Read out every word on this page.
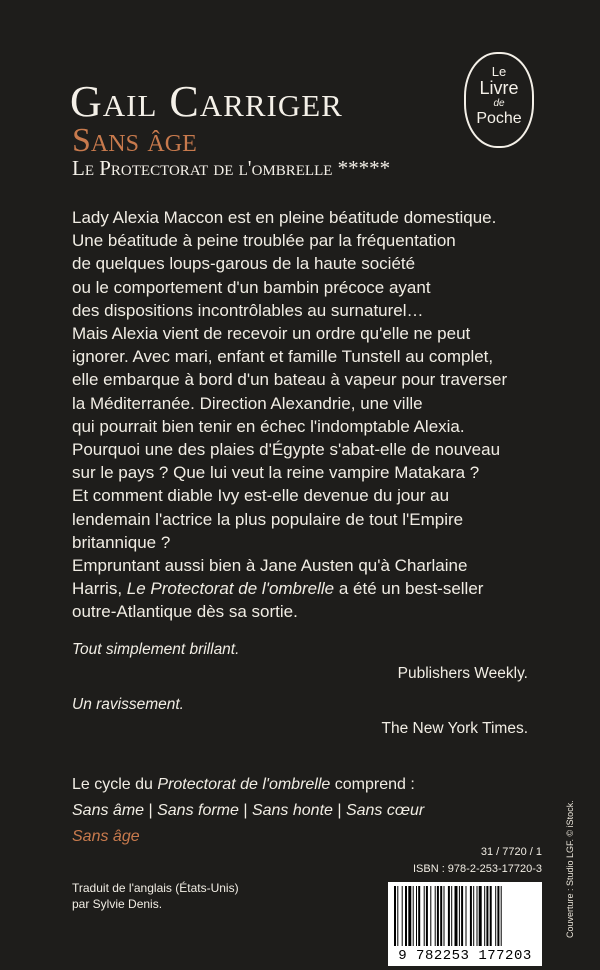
Gail Carriger
Sans âge
Le Protectorat de l'ombrelle *****
Le
Livre
de
Poche

Lady Alexia Maccon est en pleine béatitude domestique.
Une béatitude à peine troublée par la fréquentation
de quelques loups-garous de la haute société
ou le comportement d'un bambin précoce ayant
des dispositions incontrôlables au surnaturel…

Mais Alexia vient de recevoir un ordre qu'elle ne peut
ignorer. Avec mari, enfant et famille Tunstell au complet,
elle embarque à bord d'un bateau à vapeur pour traverser
la Méditerranée. Direction Alexandrie, une ville
qui pourrait bien tenir en échec l'indomptable Alexia.
Pourquoi une des plaies d'Égypte s'abat-elle de nouveau
sur le pays ? Que lui veut la reine vampire Matakara ?
Et comment diable Ivy est-elle devenue du jour au
lendemain l'actrice la plus populaire de tout l'Empire
britannique ?

Empruntant aussi bien à Jane Austen qu'à Charlaine
Harris, Le Protectorat de l'ombrelle a été un best-seller
outre-Atlantique dès sa sortie.

Tout simplement brillant.
Publishers Weekly.
Un ravissement.
The New York Times.
Le cycle du Protectorat de l'ombrelle comprend :
Sans âme | Sans forme | Sans honte | Sans cœur
Sans âge
31 / 7720 / 1
ISBN : 978-2-253-17720-3
Traduit de l'anglais (États-Unis)
par Sylvie Denis.	Couverture : Studio LGF. © iStock.
9 782253 177203
